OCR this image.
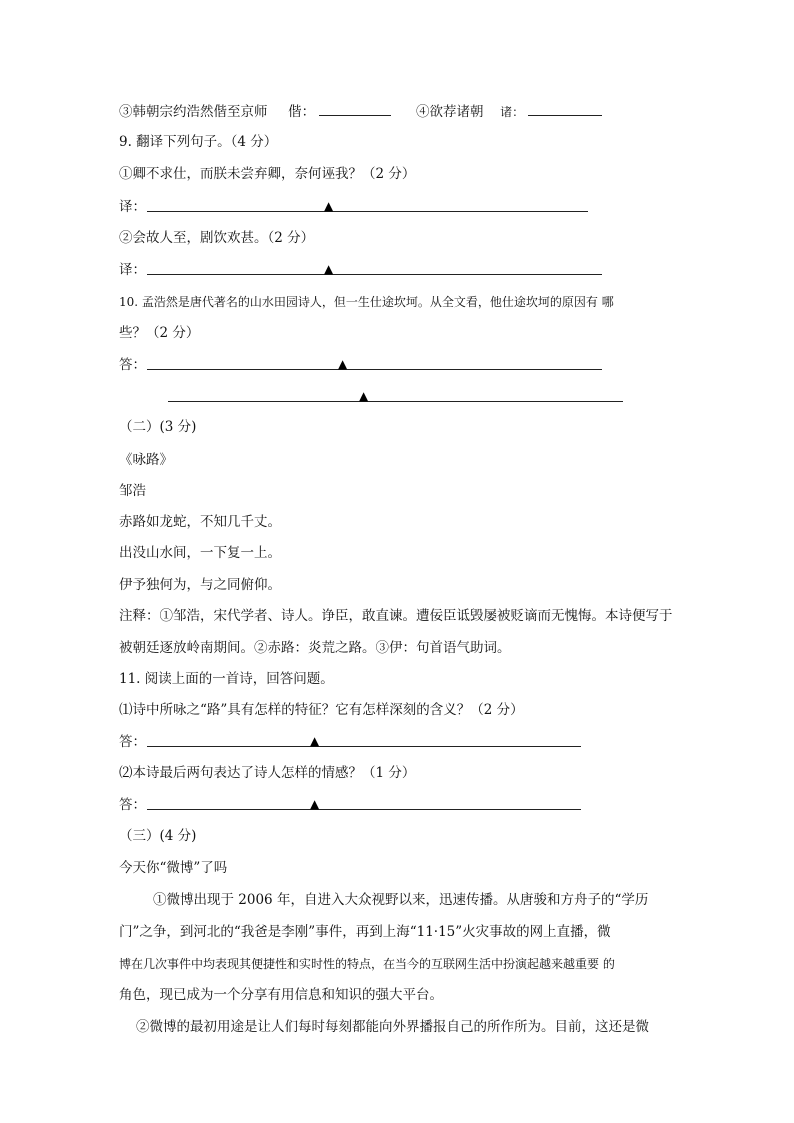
③韩朝宗约浩然偕至京师 偕：	④欲荐诸朝 诸：
9. 翻译下列句子。（4 分）
①卿不求仕，而朕未尝弃卿，奈何诬我？（2 分）
译：	▲
②会故人至，剧饮欢甚。（2 分）
译：	▲
10. 孟浩然是唐代著名的山水田园诗人，但一生仕途坎坷。从全文看，他仕途坎坷的原因有 哪
些？（2 分）
答：	▲
▲
（二）(3 分)
《咏路》
邹浩
赤路如龙蛇，不知几千丈。
出没山水间，一下复一上。
伊予独何为，与之同俯仰。
注释：①邹浩，宋代学者、诗人。诤臣，敢直谏。遭佞臣诋毁屡被贬谪而无愧悔。本诗便写于
被朝廷逐放岭南期间。②赤路：炎荒之路。③伊：句首语气助词。
11. 阅读上面的一首诗，回答问题。
⑴诗中所咏之“路”具有怎样的特征？它有怎样深刻的含义？（2 分）
答：	▲
⑵本诗最后两句表达了诗人怎样的情感？（1 分）
答：	▲
（三）(4 分)
今天你“微博”了吗
①微博出现于 2006 年，自进入大众视野以来，迅速传播。从唐骏和方舟子的“学历
门”之争，到河北的“我爸是李刚”事件，再到上海“11·15”火灾事故的网上直播，微
博在几次事件中均表现其便捷性和实时性的特点，在当今的互联网生活中扮演起越来越重要 的
角色，现已成为一个分享有用信息和知识的强大平台。
②微博的最初用途是让人们每时每刻都能向外界播报自己的所作所为。目前，这还是微
